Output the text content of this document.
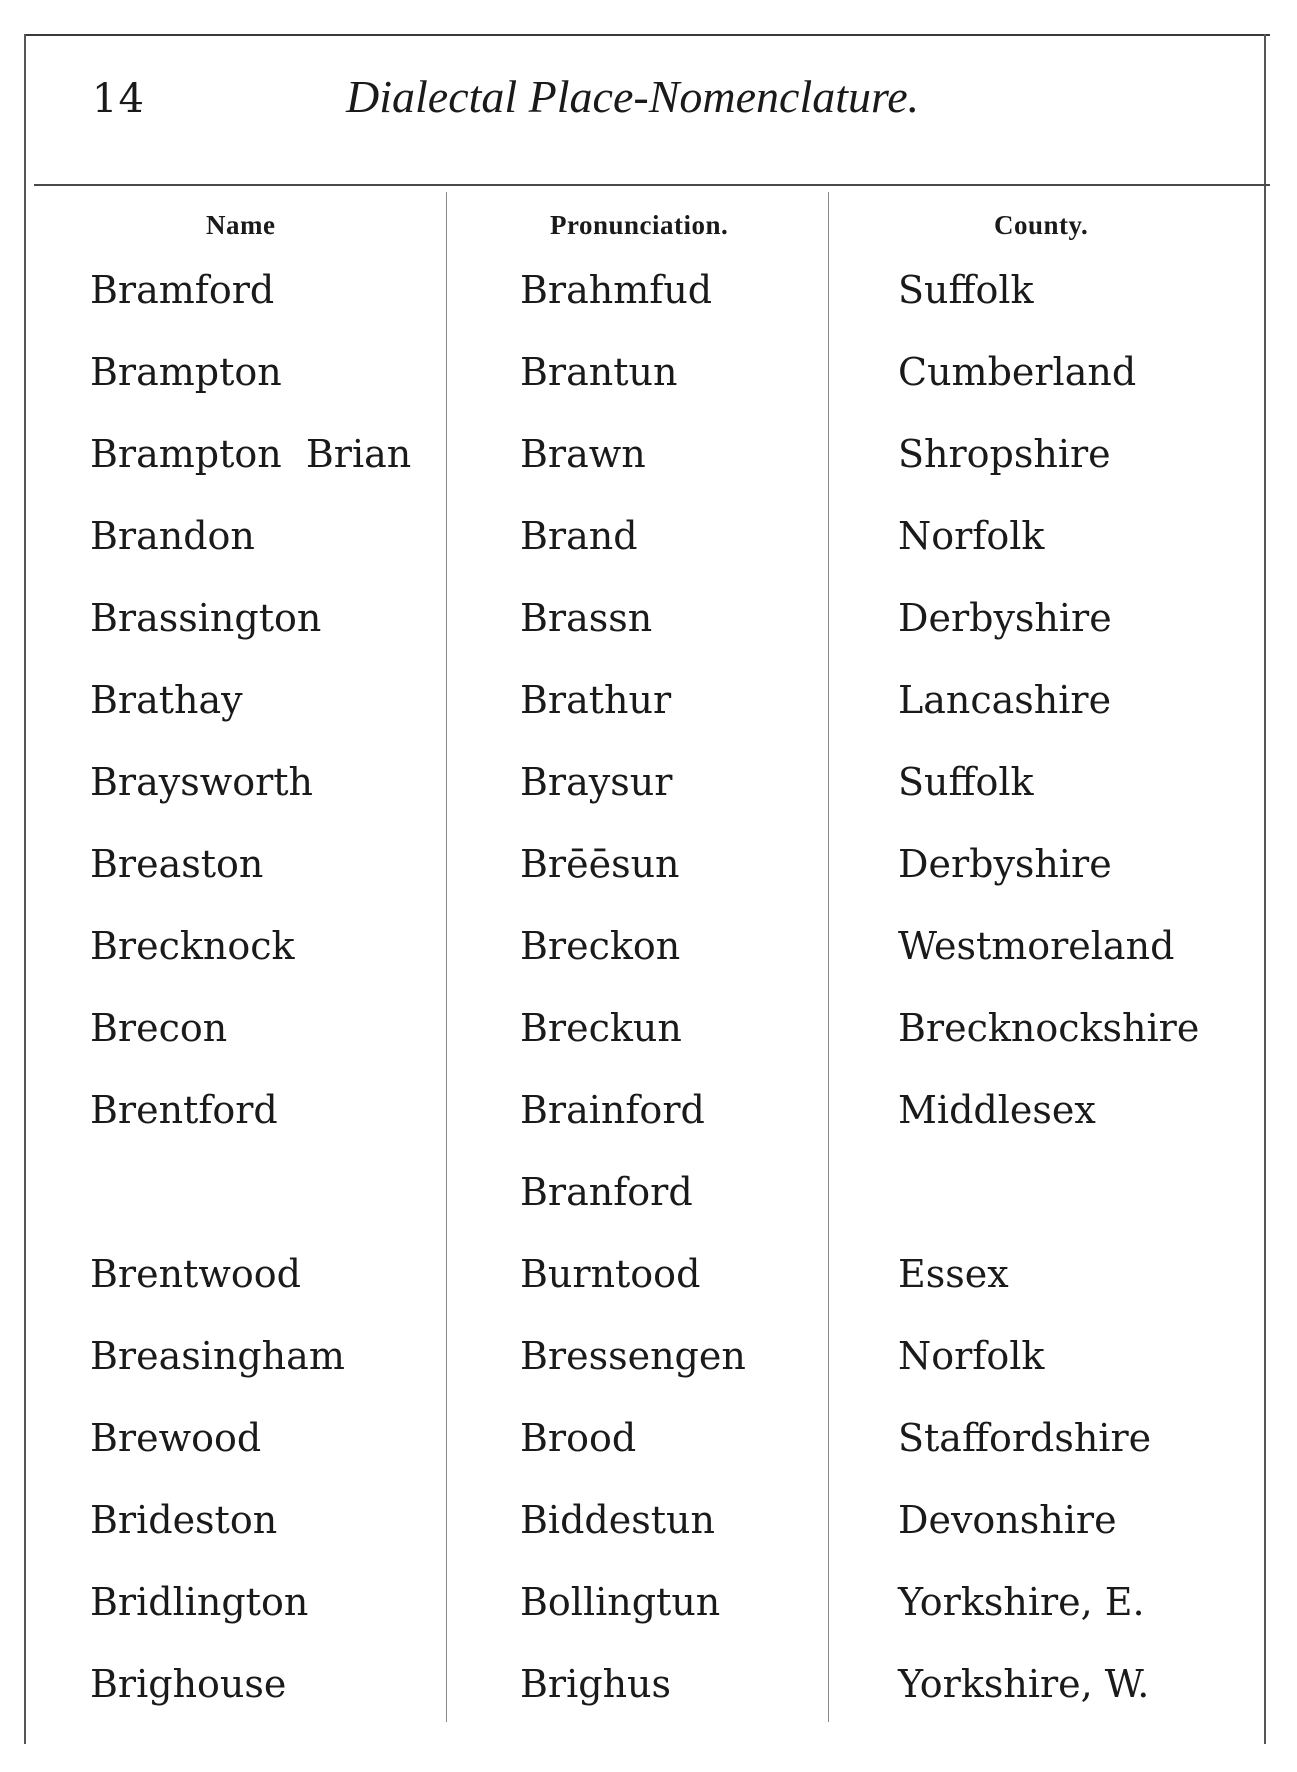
14	Dialectal Place-Nomenclature.
Name	Pronunciation.	County.
Bramford	Brahmfud	Suffolk
Brampton	Brantun	Cumberland
Brampton  Brian	Brawn	Shropshire
Brandon	Brand	Norfolk
Brassington	Brassn	Derbyshire
Brathay	Brathur	Lancashire
Braysworth	Braysur	Suffolk
Breaston	Brēēsun	Derbyshire
Brecknock	Breckon	Westmoreland
Brecon	Breckun	Brecknockshire
Brentford	Brainford	Middlesex
Branford
Brentwood	Burntood	Essex
Breasingham	Bressengen	Norfolk
Brewood	Brood	Staffordshire
Brideston	Biddestun	Devonshire
Bridlington	Bollingtun	Yorkshire, E.
Brighouse	Brighus	Yorkshire, W.
